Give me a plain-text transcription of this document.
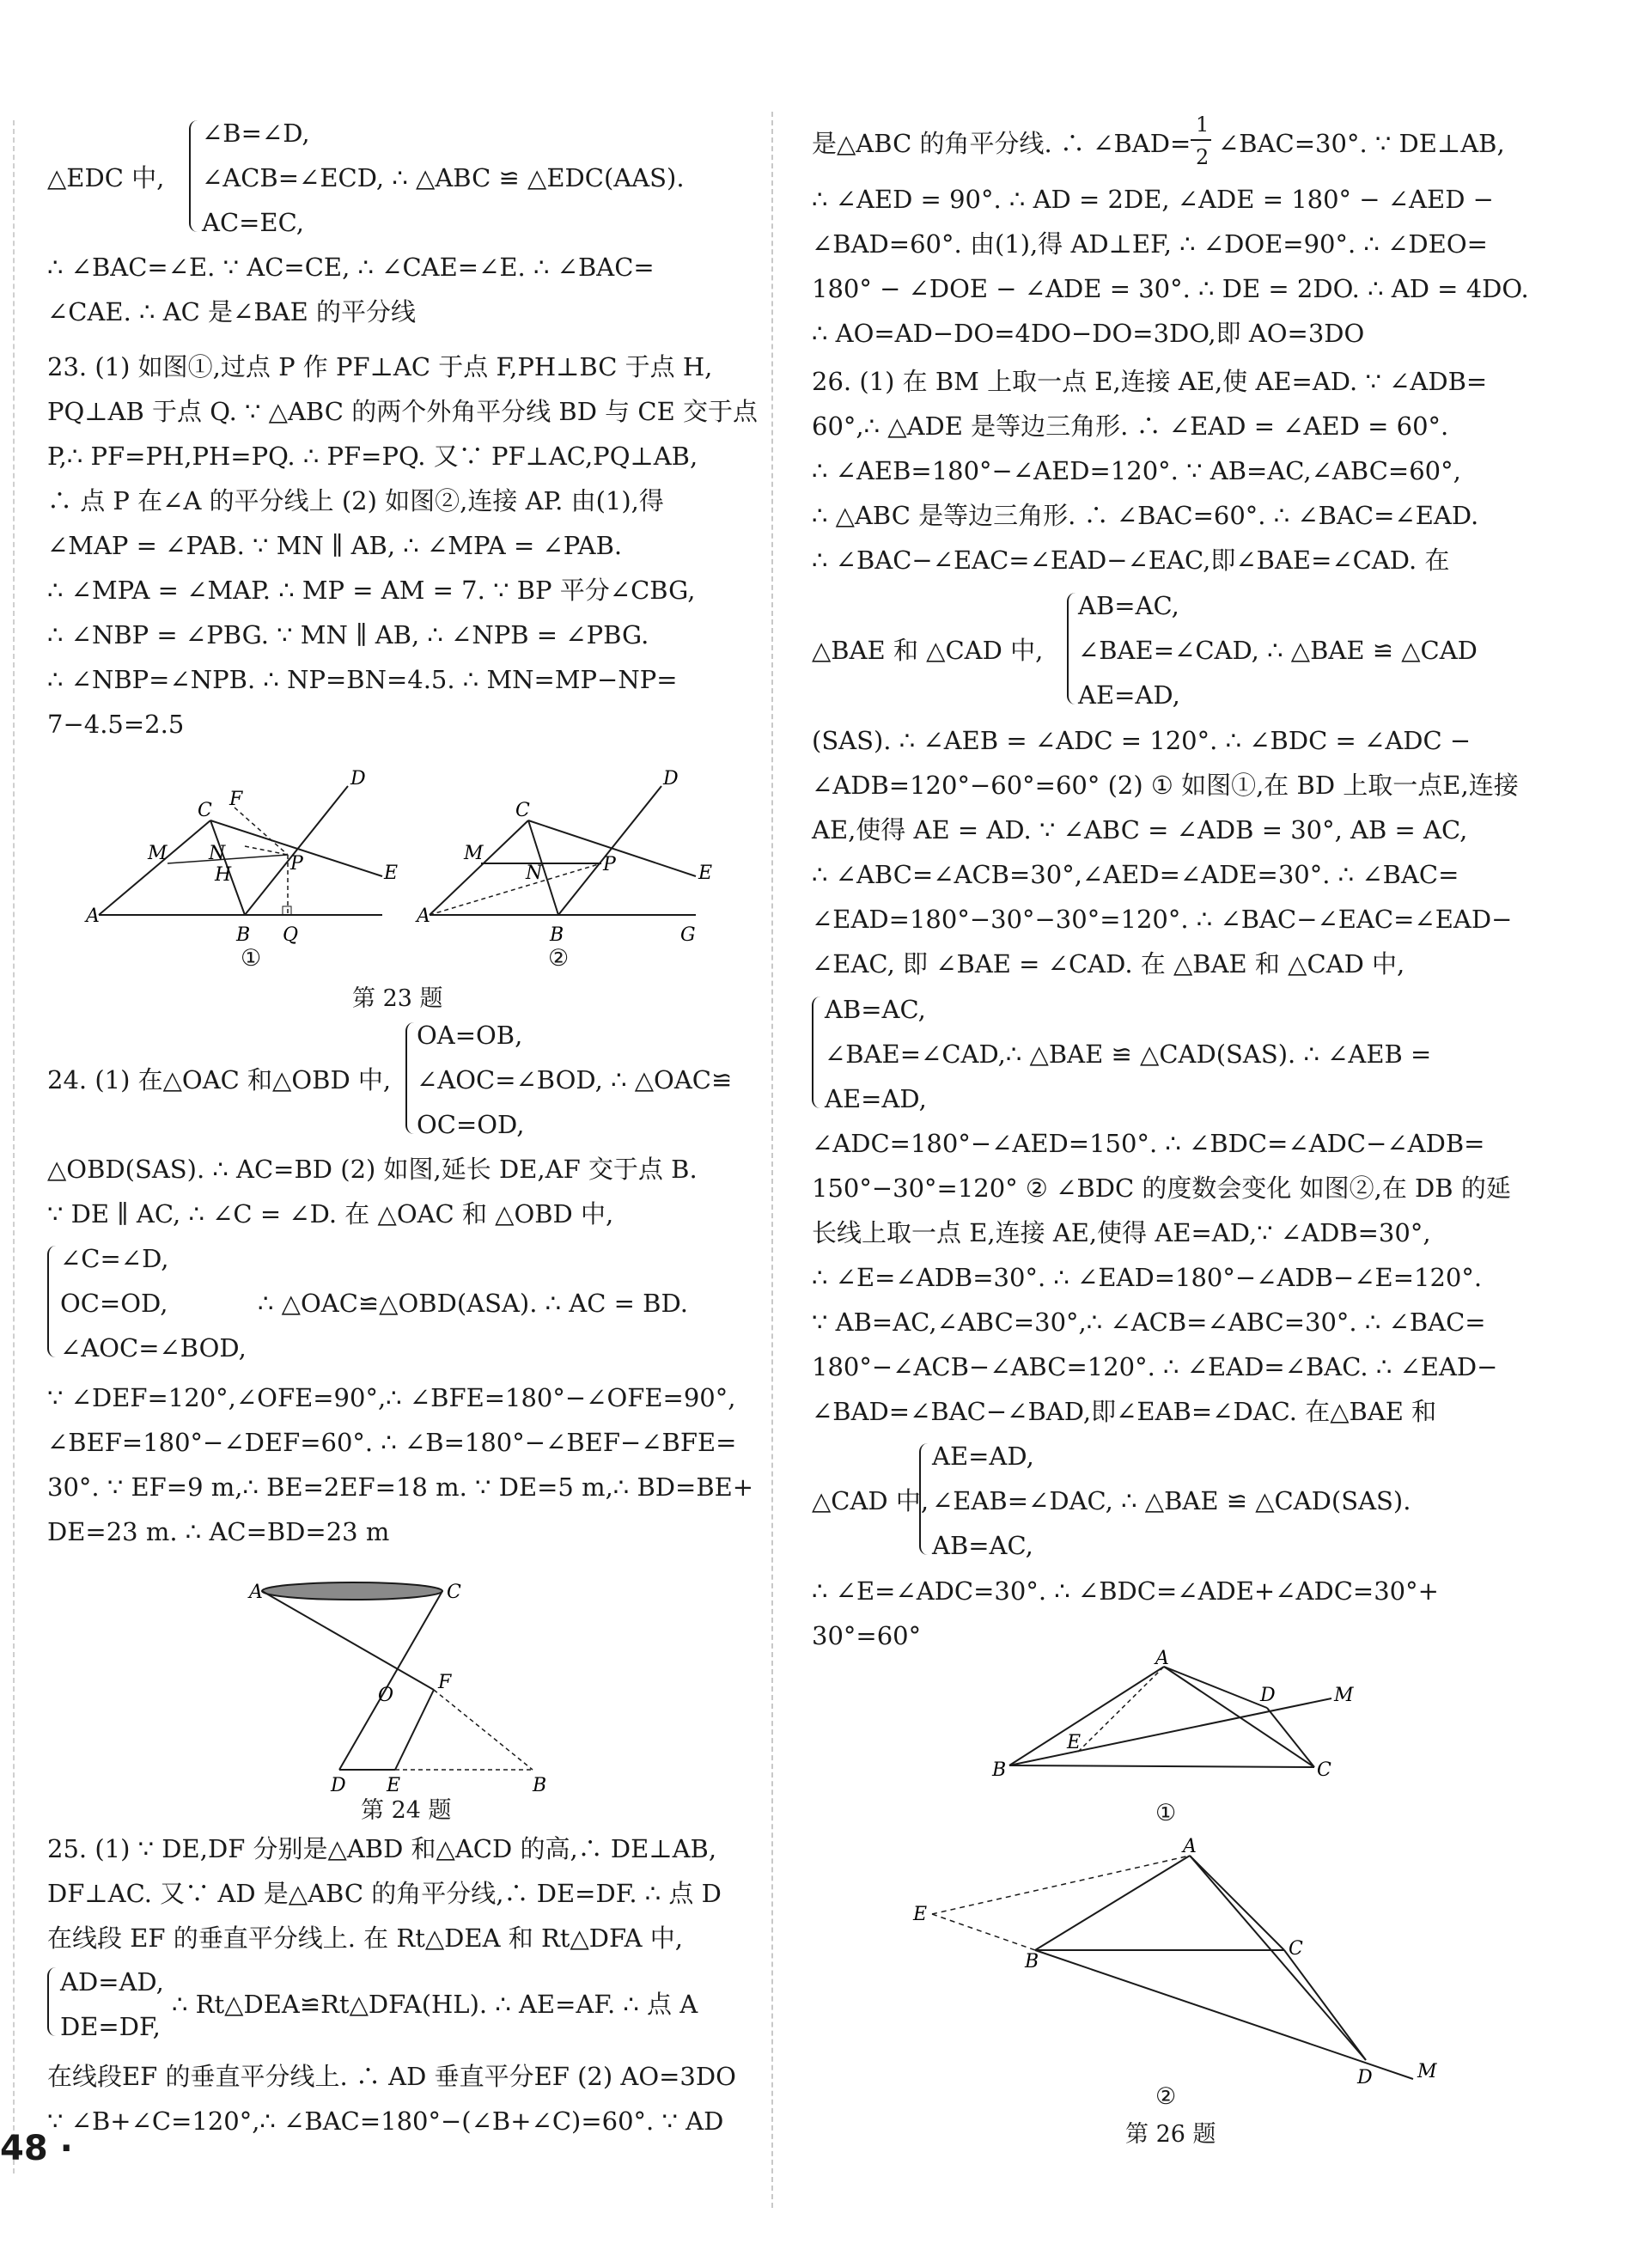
∠B=∠D,
△EDC 中, ∠ACB=∠ECD, ∴ △ABC ≌ △EDC(AAS).
AC=EC,
∴ ∠BAC=∠E. ∵ AC=CE, ∴ ∠CAE=∠E. ∴ ∠BAC=
∠CAE. ∴ AC 是∠BAE 的平分线
23. (1) 如图①,过点 P 作 PF⊥AC 于点 F,PH⊥BC 于点 H,
PQ⊥AB 于点 Q. ∵ △ABC 的两个外角平分线 BD 与 CE 交于点
P,∴ PF=PH,PH=PQ. ∴ PF=PQ. 又∵ PF⊥AC,PQ⊥AB,
∴ 点 P 在∠A 的平分线上 (2) 如图②,连接 AP. 由(1),得
∠MAP = ∠PAB. ∵ MN ∥ AB, ∴ ∠MPA = ∠PAB.
∴ ∠MPA = ∠MAP. ∴ MP = AM = 7. ∵ BP 平分∠CBG,
∴ ∠NBP = ∠PBG. ∵ MN ∥ AB, ∴ ∠NPB = ∠PBG.
∴ ∠NBP=∠NPB. ∴ NP=BN=4.5. ∴ MN=MP−NP=
7−4.5=2.5
A
B
C
D
E
F
H
M N	P
Q
A
B
C
D
E
G
M
N	P
①	②
第 23 题
OA=OB,
24. (1) 在△OAC 和△OBD 中, ∠AOC=∠BOD, ∴ △OAC≌
OC=OD,
△OBD(SAS). ∴ AC=BD (2) 如图,延长 DE,AF 交于点 B.
∵ DE ∥ AC, ∴ ∠C = ∠D. 在 △OAC 和 △OBD 中,
∠C=∠D,
OC=OD,	∴ △OAC≌△OBD(ASA). ∴ AC = BD.
∠AOC=∠BOD,
∵ ∠DEF=120°,∠OFE=90°,∴ ∠BFE=180°−∠OFE=90°,
∠BEF=180°−∠DEF=60°. ∴ ∠B=180°−∠BEF−∠BFE=
30°. ∵ EF=9 m,∴ BE=2EF=18 m. ∵ DE=5 m,∴ BD=BE+
DE=23 m. ∴ AC=BD=23 m
A	C
O
F
D E	B
第 24 题
25. (1) ∵ DE,DF 分别是△ABD 和△ACD 的高,∴ DE⊥AB,
DF⊥AC. 又∵ AD 是△ABC 的角平分线,∴ DE=DF. ∴ 点 D
在线段 EF 的垂直平分线上. 在 Rt△DEA 和 Rt△DFA 中,
AD=AD,
∴ Rt△DEA≌Rt△DFA(HL). ∴ AE=AF. ∴ 点 A
DE=DF,
在线段EF 的垂直平分线上. ∴ AD 垂直平分EF (2) AO=3DO
∵ ∠B+∠C=120°,∴ ∠BAC=180°−(∠B+∠C)=60°. ∵ AD
是△ABC 的角平分线. ∴ ∠BAD=
1
2 ∠BAC=30°. ∵ DE⊥AB,
∴ ∠AED = 90°. ∴ AD = 2DE, ∠ADE = 180° − ∠AED −
∠BAD=60°. 由(1),得 AD⊥EF, ∴ ∠DOE=90°. ∴ ∠DEO=
180° − ∠DOE − ∠ADE = 30°. ∴ DE = 2DO. ∴ AD = 4DO.
∴ AO=AD−DO=4DO−DO=3DO,即 AO=3DO
26. (1) 在 BM 上取一点 E,连接 AE,使 AE=AD. ∵ ∠ADB=
60°,∴ △ADE 是等边三角形. ∴ ∠EAD = ∠AED = 60°.
∴ ∠AEB=180°−∠AED=120°. ∵ AB=AC,∠ABC=60°,
∴ △ABC 是等边三角形. ∴ ∠BAC=60°. ∴ ∠BAC=∠EAD.
∴ ∠BAC−∠EAC=∠EAD−∠EAC,即∠BAE=∠CAD. 在
AB=AC,
△BAE 和 △CAD 中, ∠BAE=∠CAD, ∴ △BAE ≌ △CAD
AE=AD,
(SAS). ∴ ∠AEB = ∠ADC = 120°. ∴ ∠BDC = ∠ADC −
∠ADB=120°−60°=60° (2) ① 如图①,在 BD 上取一点E,连接
AE,使得 AE = AD. ∵ ∠ABC = ∠ADB = 30°, AB = AC,
∴ ∠ABC=∠ACB=30°,∠AED=∠ADE=30°. ∴ ∠BAC=
∠EAD=180°−30°−30°=120°. ∴ ∠BAC−∠EAC=∠EAD−
∠EAC, 即 ∠BAE = ∠CAD. 在 △BAE 和 △CAD 中,
AB=AC,
∠BAE=∠CAD,∴ △BAE ≌ △CAD(SAS). ∴ ∠AEB =
AE=AD,
∠ADC=180°−∠AED=150°. ∴ ∠BDC=∠ADC−∠ADB=
150°−30°=120° ② ∠BDC 的度数会变化 如图②,在 DB 的延
长线上取一点 E,连接 AE,使得 AE=AD,∵ ∠ADB=30°,
∴ ∠E=∠ADB=30°. ∴ ∠EAD=180°−∠ADB−∠E=120°.
∵ AB=AC,∠ABC=30°,∴ ∠ACB=∠ABC=30°. ∴ ∠BAC=
180°−∠ACB−∠ABC=120°. ∴ ∠EAD=∠BAC. ∴ ∠EAD−
∠BAD=∠BAC−∠BAD,即∠EAB=∠DAC. 在△BAE 和
AE=AD,
△CAD 中, ∠EAB=∠DAC, ∴ △BAE ≌ △CAD(SAS).
AB=AC,
∴ ∠E=∠ADC=30°. ∴ ∠BDC=∠ADE+∠ADC=30°+
30°=60°
A
B	C
D
E
M
①
A
B
C
D
E
M
②
第 26 题
48 ·
